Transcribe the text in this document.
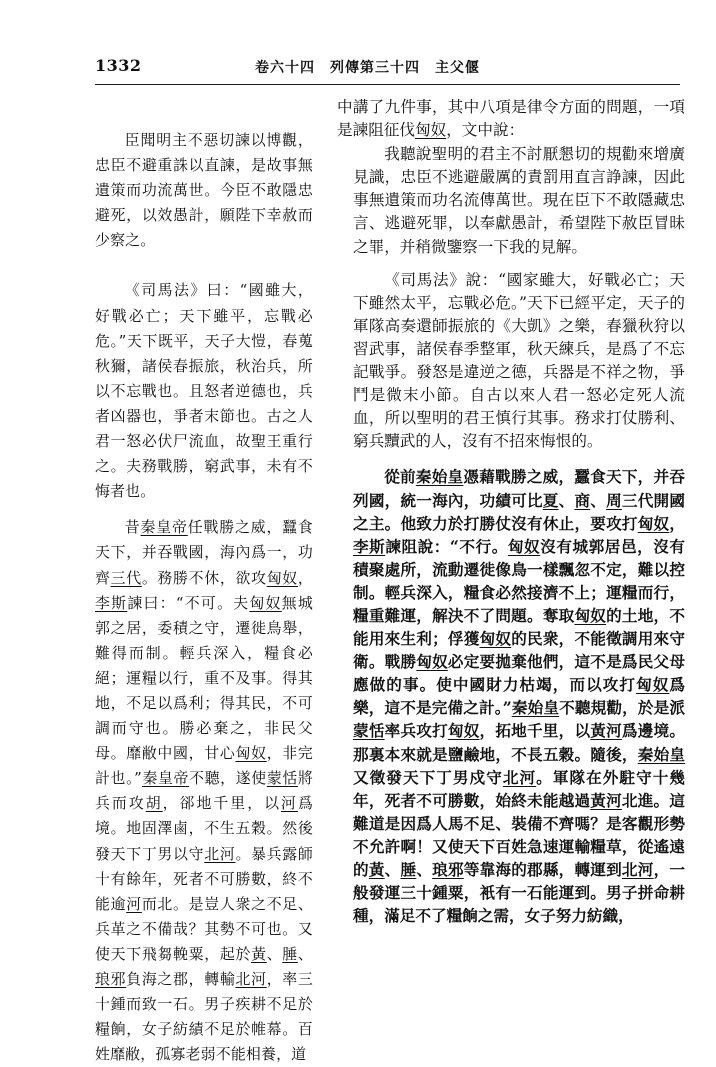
1332	卷六十四　列傳第三十四　主父偃

臣聞明主不惡切諫以博觀，忠臣不避重誅以直諫，是故事無遺策而功流萬世。今臣不敢隱忠避死，以效愚計，願陛下幸赦而少察之。

《司馬法》曰：“國雖大，好戰必亡；天下雖平，忘戰必危。”天下既平，天子大愷，春蒐秋獮，諸侯春振旅，秋治兵，所以不忘戰也。且怒者逆德也，兵者凶器也，爭者末節也。古之人君一怒必伏尸流血，故聖王重行之。夫務戰勝，窮武事，未有不悔者也。

昔秦皇帝任戰勝之威，蠶食天下，并吞戰國，海內爲一，功齊三代。務勝不休，欲攻匈奴，李斯諫曰：“不可。夫匈奴無城郭之居，委積之守，遷徙鳥舉，難得而制。輕兵深入，糧食必絕；運糧以行，重不及事。得其地，不足以爲利；得其民，不可調而守也。勝必棄之，非民父母。靡敝中國，甘心匈奴，非完計也。”秦皇帝不聽，遂使蒙恬將兵而攻胡，郤地千里，以河爲境。地固澤鹵，不生五穀。然後發天下丁男以守北河。暴兵露師十有餘年，死者不可勝數，終不能逾河而北。是豈人衆之不足、兵革之不備哉？其勢不可也。又使天下飛芻輓粟，起於黃、腄、琅邪負海之郡，轉輸北河，率三十鍾而致一石。男子疾耕不足於糧餉，女子紡績不足於帷幕。百姓靡敝，孤寡老弱不能相養，道

中講了九件事，其中八項是律令方面的問題，一項是諫阻征伐匈奴，文中說：

我聽說聖明的君主不討厭懇切的規勸來增廣見識，忠臣不逃避嚴厲的責罰用直言諍諫，因此事無遺策而功名流傳萬世。現在臣下不敢隱藏忠言、逃避死罪，以奉獻愚計，希望陛下赦臣冒昧之罪，并稍微鑒察一下我的見解。

《司馬法》說：“國家雖大，好戰必亡；天下雖然太平，忘戰必危。”天下已經平定，天子的軍隊高奏還師振旅的《大凱》之樂，春獵秋狩以習武事，諸侯春季整軍，秋天練兵，是爲了不忘記戰爭。發怒是違逆之德，兵器是不祥之物，爭鬥是微末小節。自古以來人君一怒必定死人流血，所以聖明的君王慎行其事。務求打仗勝利、窮兵黷武的人，沒有不招來悔恨的。

從前秦始皇憑藉戰勝之威，蠶食天下，并吞列國，統一海內，功績可比夏、商、周三代開國之主。他致力於打勝仗沒有休止，要攻打匈奴，李斯諫阻說：“不行。匈奴沒有城郭居邑，沒有積聚處所，流動遷徙像鳥一樣飄忽不定，難以控制。輕兵深入，糧食必然接濟不上；運糧而行，糧重難運，解決不了問題。奪取匈奴的土地，不能用來生利；俘獲匈奴的民衆，不能徵調用來守衛。戰勝匈奴必定要拋棄他們，這不是爲民父母應做的事。使中國財力枯竭，而以攻打匈奴爲樂，這不是完備之計。”秦始皇不聽規勸，於是派蒙恬率兵攻打匈奴，拓地千里，以黃河爲邊境。那裏本來就是鹽鹼地，不長五穀。隨後，秦始皇又徵發天下丁男戍守北河。軍隊在外駐守十幾年，死者不可勝數，始終未能越過黃河北進。這難道是因爲人馬不足、裝備不齊嗎？是客觀形勢不允許啊！又使天下百姓急速運輸糧草，從遙遠的黃、腄、琅邪等靠海的郡縣，轉運到北河，一般發運三十鍾粟，衹有一石能運到。男子拼命耕種，滿足不了糧餉之需，女子努力紡織，
